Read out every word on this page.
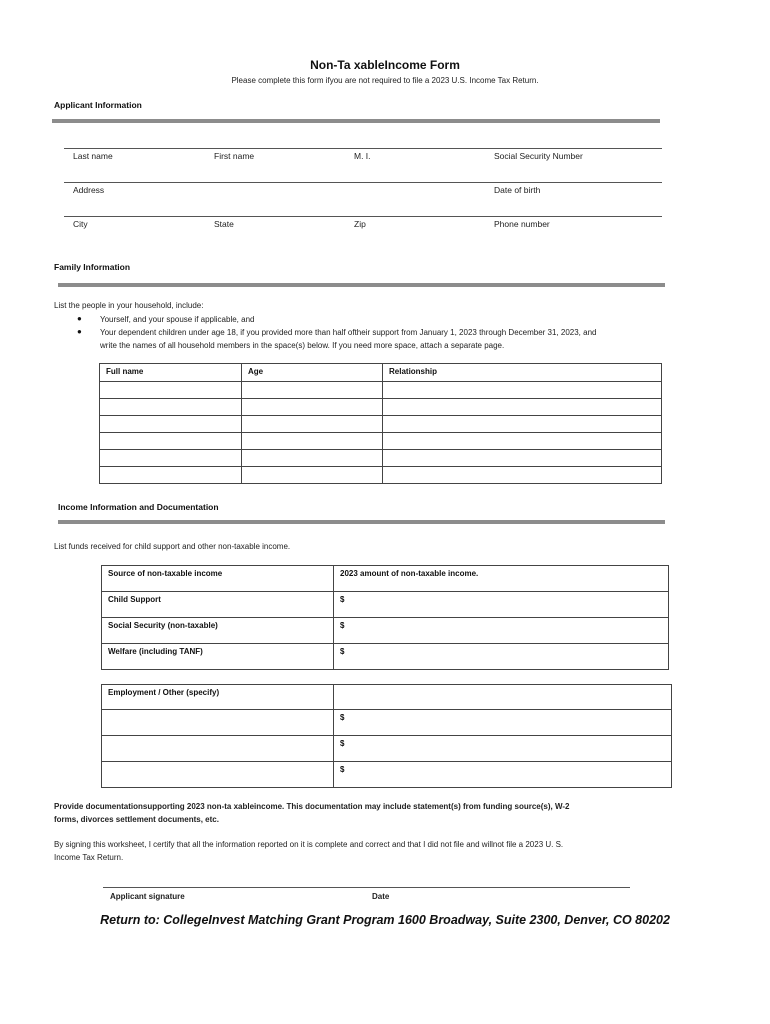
Non-Ta xableIncome Form
Please complete this form ifyou are not required to file a 2023 U.S. Income Tax Return.
Applicant Information
Last name	First name	M. I.	Social Security Number
Address	Date of birth
City	State	Zip	Phone number
Family Information
List the people in your household, include:
● Yourself, and your spouse if applicable, and
● Your dependent children under age 18, if you provided more than half oftheir support from January 1, 2023 through December 31, 2023, and
write the names of all household members in the space(s) below. If you need more space, attach a separate page.
Full name	Age	Relationship

Income Information and Documentation
List funds received for child support and other non-taxable income.
Source of non-taxable income	2023 amount of non-taxable income.
Child Support	$
Social Security (non-taxable)	$
Welfare (including TANF)	$
Employment / Other (specify)	
	$
	$
	$
Provide documentationsupporting 2023 non-ta xableincome. This documentation may include statement(s) from funding source(s), W-2
forms, divorces settlement documents, etc.
By signing this worksheet, I certify that all the information reported on it is complete and correct and that I did not file and willnot file a 2023 U. S.
Income Tax Return.
Applicant signature	Date
Return to: CollegeInvest Matching Grant Program 1600 Broadway, Suite 2300, Denver, CO 80202
